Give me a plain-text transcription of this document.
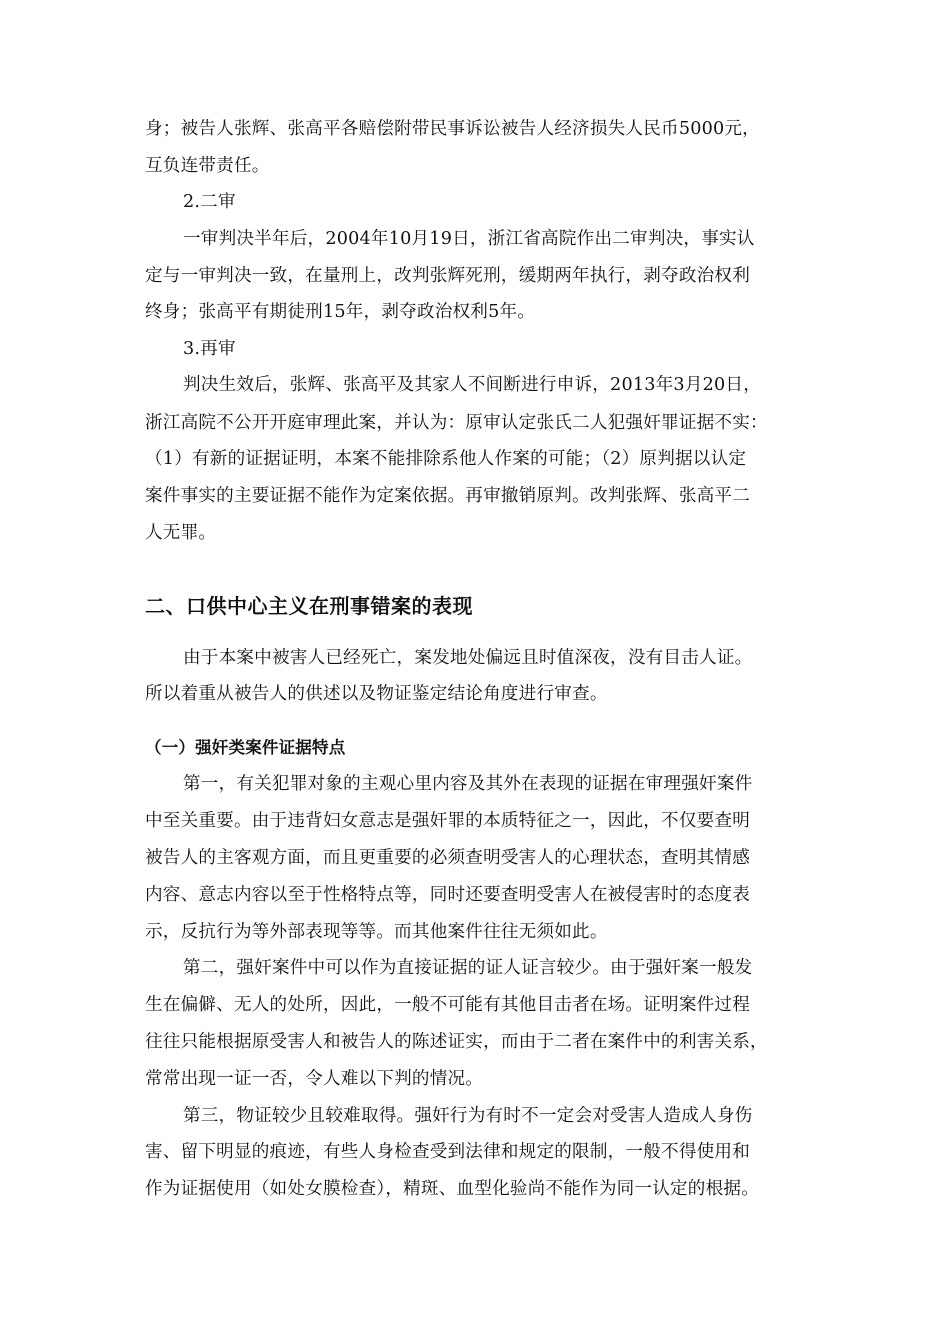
身；被告人张辉、张高平各赔偿附带民事诉讼被告人经济损失人民币5000元，
互负连带责任。
2.二审
一审判决半年后，2004年10月19日，浙江省高院作出二审判决，事实认
定与一审判决一致，在量刑上，改判张辉死刑，缓期两年执行，剥夺政治权利
终身；张高平有期徒刑15年，剥夺政治权利5年。
3.再审
判决生效后，张辉、张高平及其家人不间断进行申诉，2013年3月20日，
浙江高院不公开开庭审理此案，并认为：原审认定张氏二人犯强奸罪证据不实：
（1）有新的证据证明，本案不能排除系他人作案的可能；（2）原判据以认定
案件事实的主要证据不能作为定案依据。再审撤销原判。改判张辉、张高平二
人无罪。
二、口供中心主义在刑事错案的表现
由于本案中被害人已经死亡，案发地处偏远且时值深夜，没有目击人证。
所以着重从被告人的供述以及物证鉴定结论角度进行审查。
（一）强奸类案件证据特点
第一，有关犯罪对象的主观心里内容及其外在表现的证据在审理强奸案件
中至关重要。由于违背妇女意志是强奸罪的本质特征之一，因此，不仅要查明
被告人的主客观方面，而且更重要的必须查明受害人的心理状态，查明其情感
内容、意志内容以至于性格特点等，同时还要查明受害人在被侵害时的态度表
示，反抗行为等外部表现等等。而其他案件往往无须如此。
第二，强奸案件中可以作为直接证据的证人证言较少。由于强奸案一般发
生在偏僻、无人的处所，因此，一般不可能有其他目击者在场。证明案件过程
往往只能根据原受害人和被告人的陈述证实，而由于二者在案件中的利害关系，
常常出现一证一否，令人难以下判的情况。
第三，物证较少且较难取得。强奸行为有时不一定会对受害人造成人身伤
害、留下明显的痕迹，有些人身检查受到法律和规定的限制，一般不得使用和
作为证据使用（如处女膜检查），精斑、血型化验尚不能作为同一认定的根据。
